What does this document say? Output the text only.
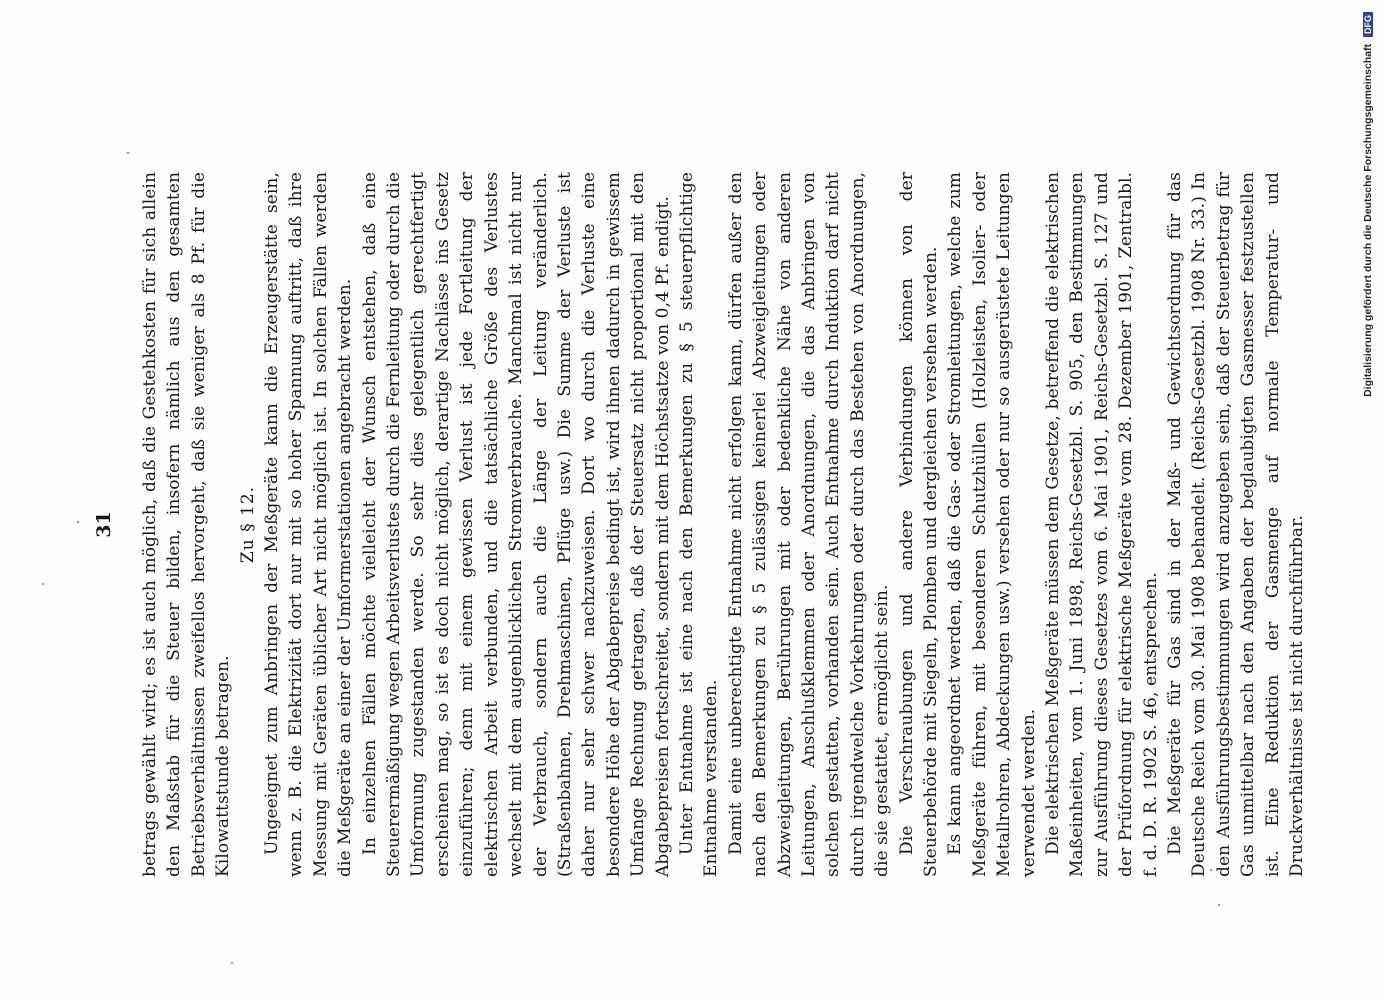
31 betrags gewählt wird; es ist auch möglich, daß die Gestehkosten für sich allein den Maßstab für die Steuer bilden, insofern nämlich aus den gesamten Betriebsverhältnissen zweifellos hervorgeht, daß sie weniger als 8 Pf. für die Kilowattstunde betragen.

Zu § 12. Ungeeignet zum Anbringen der Meßgeräte kann die Erzeugerstätte sein, wenn z. B. die Elektrizität dort nur mit so hoher Spannung auftritt, daß ihre Messung mit Geräten üblicher Art nicht möglich ist. In solchen Fällen werden die Meßgeräte an einer der Umformerstationen angebracht werden. In einzelnen Fällen möchte vielleicht der Wunsch entstehen, daß eine Steuerermäßigung wegen Arbeitsverlustes durch die Fernleitung oder durch die Umformung zugestanden werde. So sehr dies gelegentlich gerechtfertigt erscheinen mag, so ist es doch nicht möglich, derartige Nachlässe ins Gesetz einzuführen; denn mit einem gewissen Verlust ist jede Fortleitung der elektrischen Arbeit verbunden, und die tatsächliche Größe des Verlustes wechselt mit dem augenblicklichen Stromverbrauche. Manchmal ist nicht nur der Verbrauch, sondern auch die Länge der Leitung veränderlich. (Straßenbahnen, Drehmaschinen, Pflüge usw.) Die Summe der Verluste ist daher nur sehr schwer nachzuweisen. Dort wo durch die Verluste eine besondere Höhe der Abgabepreise bedingt ist, wird ihnen dadurch in gewissem Umfange Rechnung getragen, daß der Steuersatz nicht proportional mit den Abgabepreisen fortschreitet, sondern mit dem Höchstsatze von 0,4 Pf. endigt. Unter Entnahme ist eine nach den Bemerkungen zu § 5 steuerpflichtige Entnahme verstanden. Damit eine unberechtigte Entnahme nicht erfolgen kann, dürfen außer den nach den Bemerkungen zu § 5 zulässigen keinerlei Abzweigleitungen oder Abzweigleitungen, Berührungen mit oder bedenkliche Nähe von anderen Leitungen, Anschlußklemmen oder Anordnungen, die das Anbringen von solchen gestatten, vorhanden sein. Auch Entnahme durch Induktion darf nicht durch irgendwelche Vorkehrungen oder durch das Bestehen von Anordnungen, die sie gestattet, ermöglicht sein. Die Verschraubungen und andere Verbindungen können von der Steuerbehörde mit Siegeln, Plomben und dergleichen versehen werden. Es kann angeordnet werden, daß die Gas- oder Stromleitungen, welche zum Meßgeräte führen, mit besonderen Schutzhüllen (Holzleisten, Isolier- oder Metallrohren, Abdeckungen usw.) versehen oder nur so ausgerüstete Leitungen verwendet werden. Die elektrischen Meßgeräte müssen dem Gesetze, betreffend die elektrischen Maßeinheiten, vom 1. Juni 1898, Reichs-Gesetzbl. S. 905, den Bestimmungen zur Ausführung dieses Gesetzes vom 6. Mai 1901, Reichs-Gesetzbl. S. 127 und der Prüfordnung für elektrische Meßgeräte vom 28. Dezember 1901, Zentralbl. f. d. D. R. 1902 S. 46, entsprechen. Die Meßgeräte für Gas sind in der Maß- und Gewichtsordnung für das Deutsche Reich vom 30. Mai 1908 behandelt. (Reichs-Gesetzbl. 1908 Nr. 33.) In den Ausführungsbestimmungen wird anzugeben sein, daß der Steuerbetrag für Gas unmittelbar nach den Angaben der beglaubigten Gasmesser festzustellen ist. Eine Reduktion der Gasmenge auf normale Temperatur- und Druckverhältnisse ist nicht durchführbar.

Digitalisierung gefördert durch die Deutsche Forschungsgemeinschaft DFG
